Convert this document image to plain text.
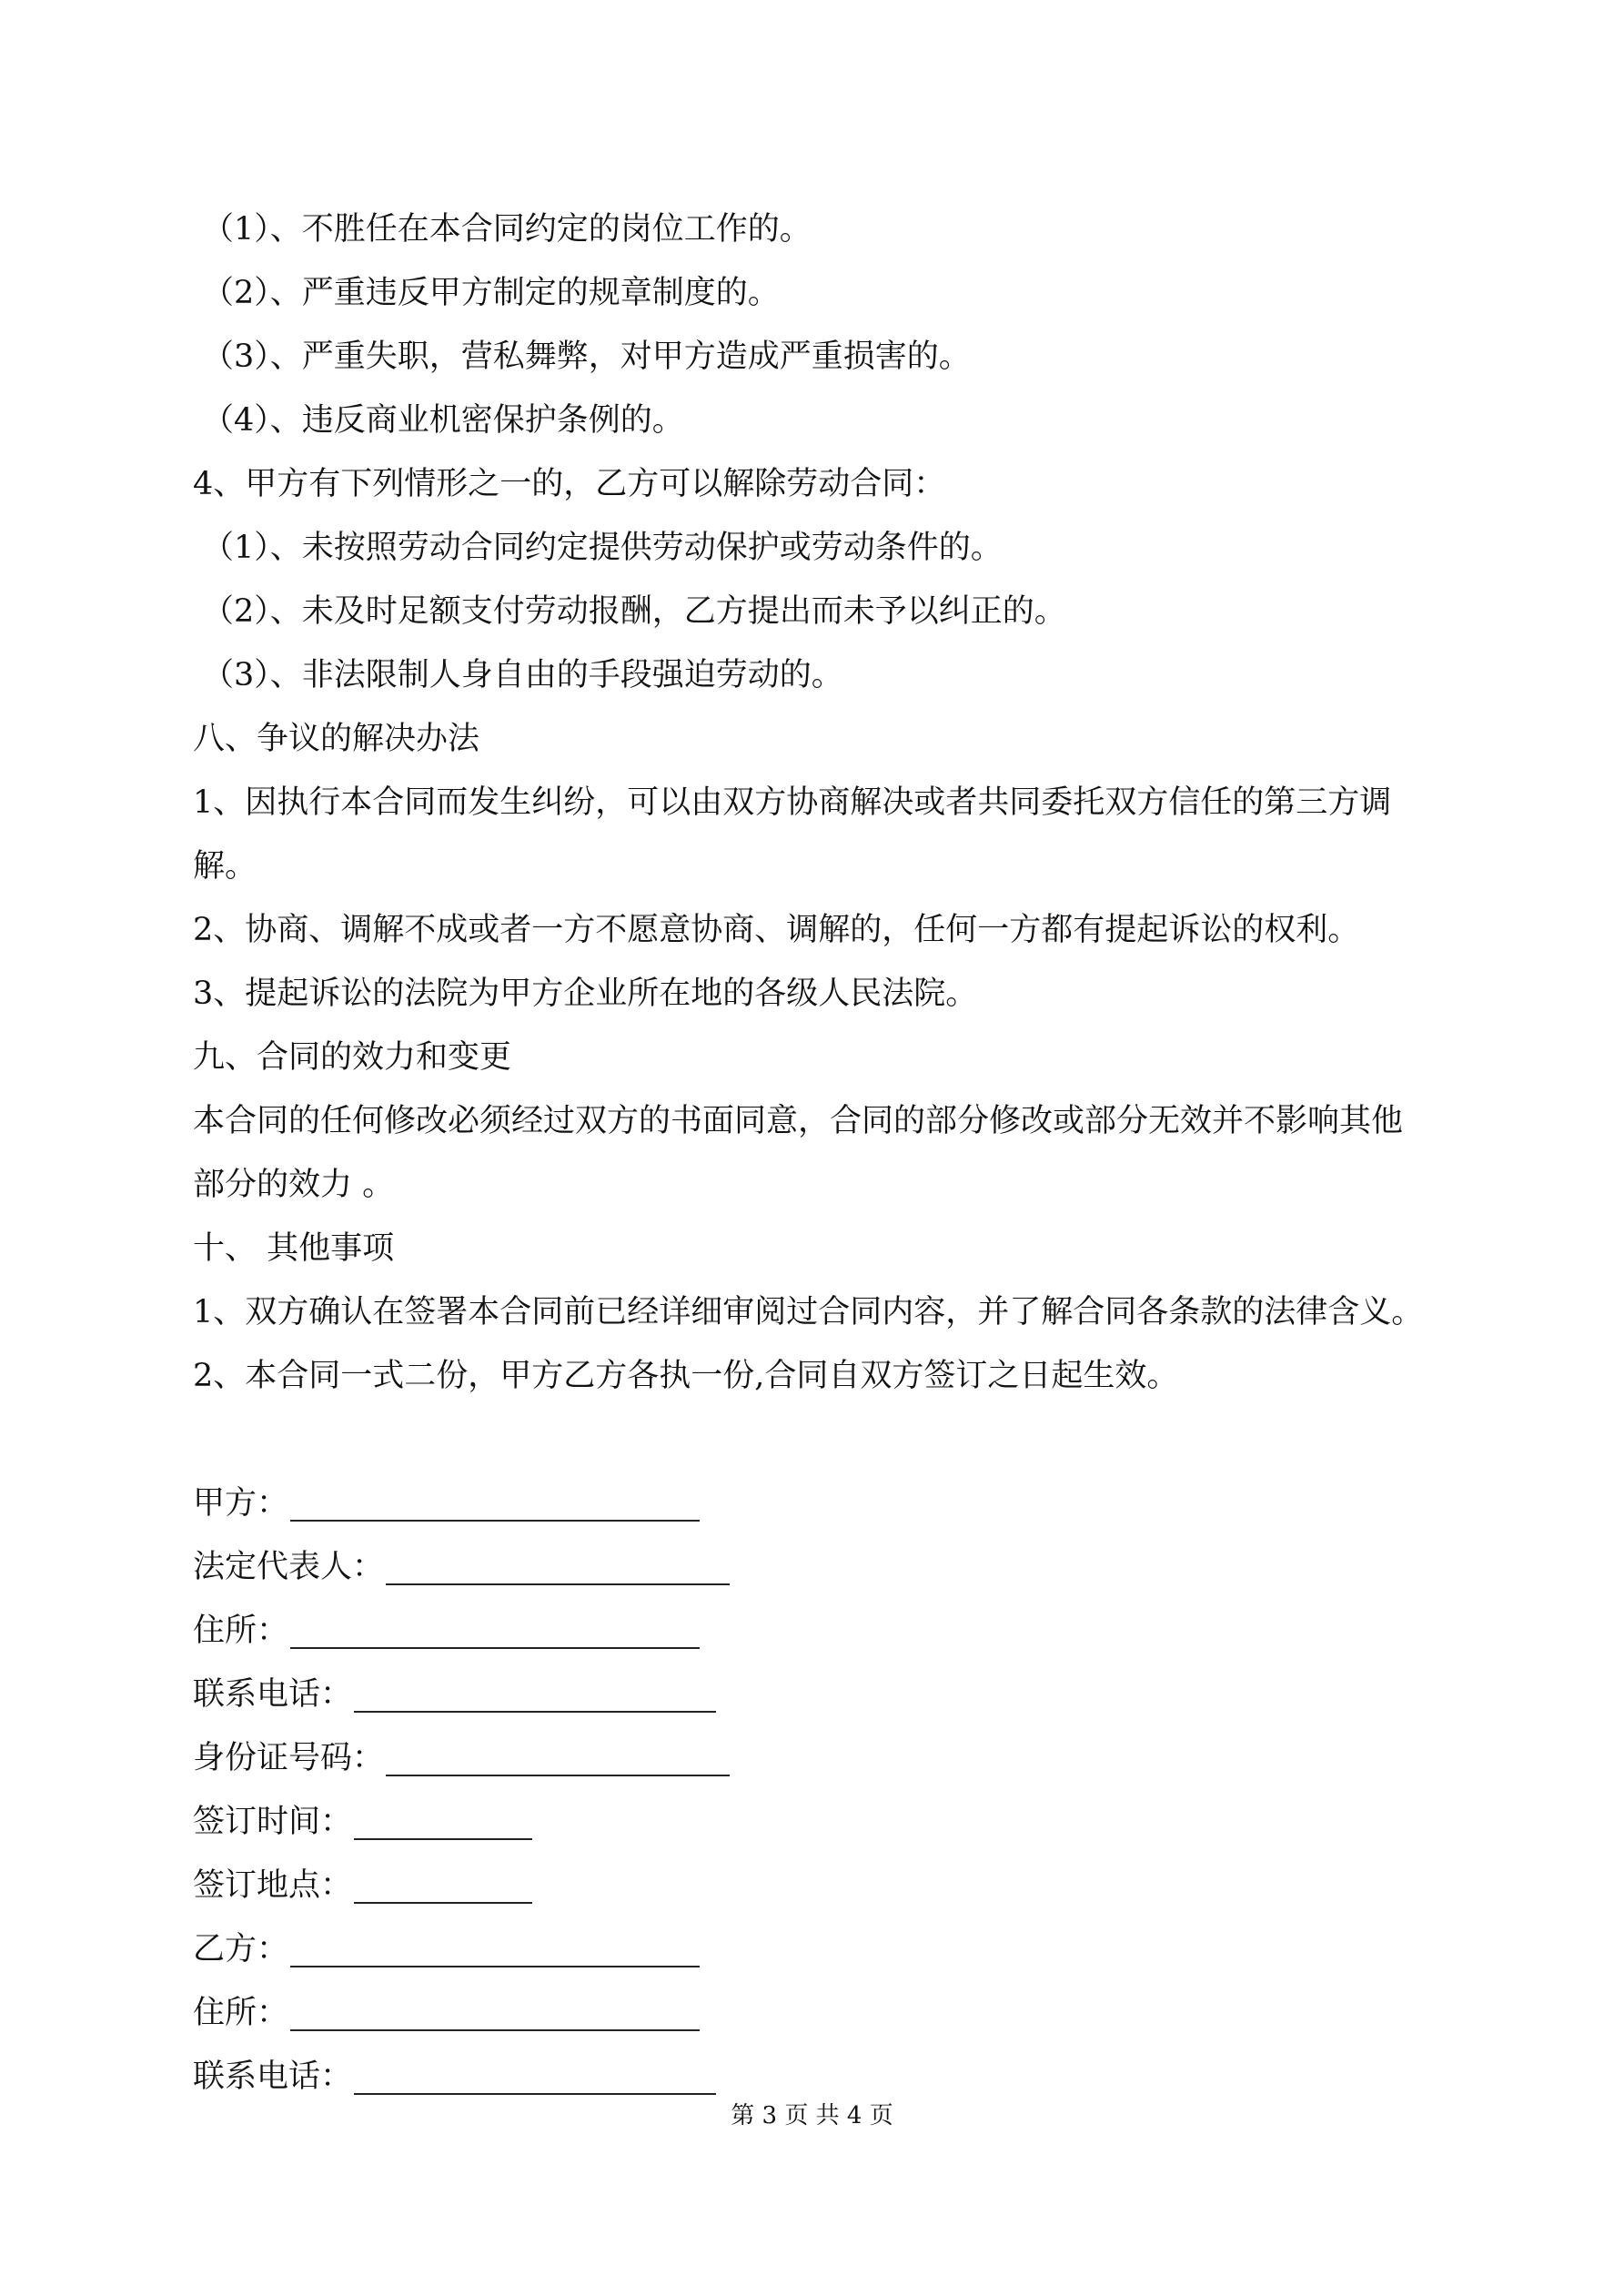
（1）、不胜任在本合同约定的岗位工作的。
（2）、严重违反甲方制定的规章制度的。
（3）、严重失职，营私舞弊，对甲方造成严重损害的。
（4）、违反商业机密保护条例的。
4、甲方有下列情形之一的，乙方可以解除劳动合同：
（1）、未按照劳动合同约定提供劳动保护或劳动条件的。
（2）、未及时足额支付劳动报酬，乙方提出而未予以纠正的。
（3）、非法限制人身自由的手段强迫劳动的。
八、争议的解决办法
1、因执行本合同而发生纠纷，可以由双方协商解决或者共同委托双方信任的第三方调
解。
2、协商、调解不成或者一方不愿意协商、调解的，任何一方都有提起诉讼的权利。
3、提起诉讼的法院为甲方企业所在地的各级人民法院。
九、合同的效力和变更
本合同的任何修改必须经过双方的书面同意，合同的部分修改或部分无效并不影响其他
部分的效力 。
十、 其他事项
1、双方确认在签署本合同前已经详细审阅过合同内容，并了解合同各条款的法律含义。
2、本合同一式二份，甲方乙方各执一份,合同自双方签订之日起生效。
甲方：
法定代表人：
住所：
联系电话：
身份证号码：
签订时间：
签订地点：
乙方：
住所：
联系电话：
第 3 页 共 4 页
